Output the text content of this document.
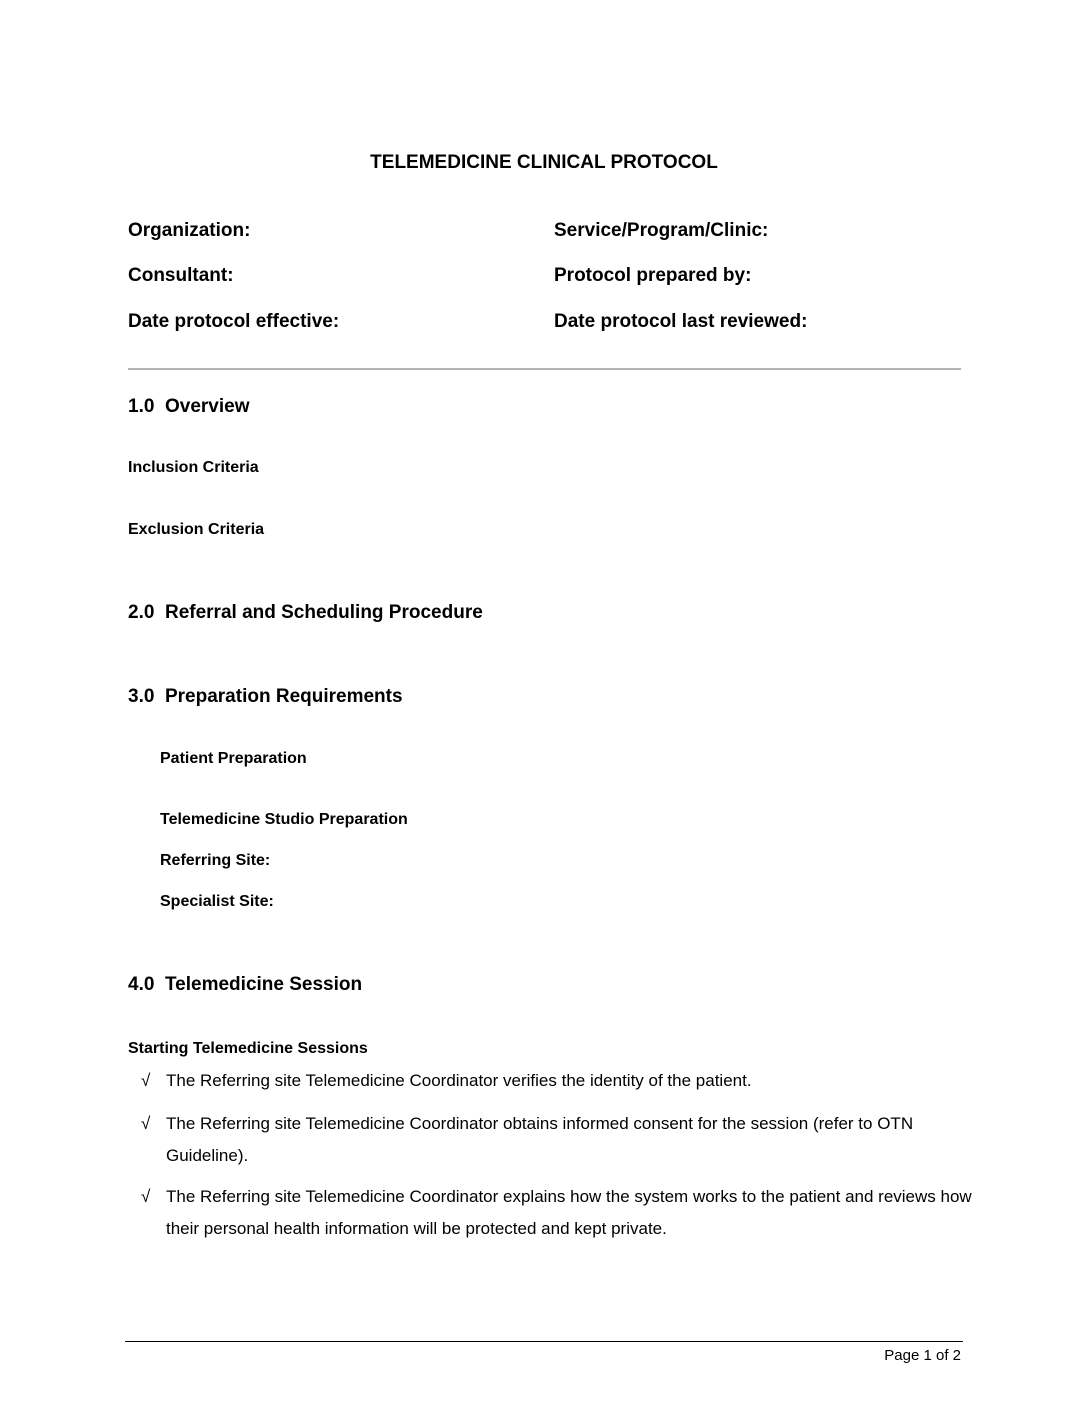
TELEMEDICINE CLINICAL PROTOCOL
Organization:	Service/Program/Clinic:
Consultant:	Protocol prepared by:
Date protocol effective:	Date protocol last reviewed:
1.0 Overview
Inclusion Criteria
Exclusion Criteria
2.0 Referral and Scheduling Procedure
3.0 Preparation Requirements
Patient Preparation
Telemedicine Studio Preparation
Referring Site:
Specialist Site:
4.0 Telemedicine Session
Starting Telemedicine Sessions
√ The Referring site Telemedicine Coordinator verifies the identity of the patient.
√ The Referring site Telemedicine Coordinator obtains informed consent for the session (refer to OTN Guideline).
√ The Referring site Telemedicine Coordinator explains how the system works to the patient and reviews how their personal health information will be protected and kept private.
Page 1 of 2
